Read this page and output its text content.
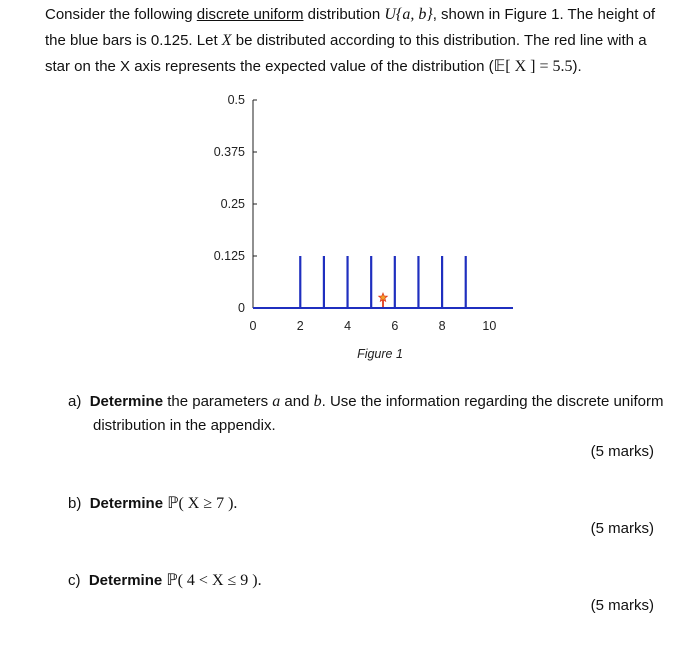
Consider the following discrete uniform distribution U{a, b}, shown in Figure 1. The height of
the blue bars is 0.125. Let X be distributed according to this distribution. The red line with a
star on the X axis represents the expected value of the distribution (𝔼[ X ] = 5.5).
0
0.125
0.25
0.375
0.5
0	2	4	6	8	10
Figure 1
a) Determine the parameters a and b. Use the information regarding the discrete uniform
distribution in the appendix.
(5 marks)
b) Determine ℙ( X ≥ 7 ).
(5 marks)
c) Determine ℙ( 4 < X ≤ 9 ).
(5 marks)
